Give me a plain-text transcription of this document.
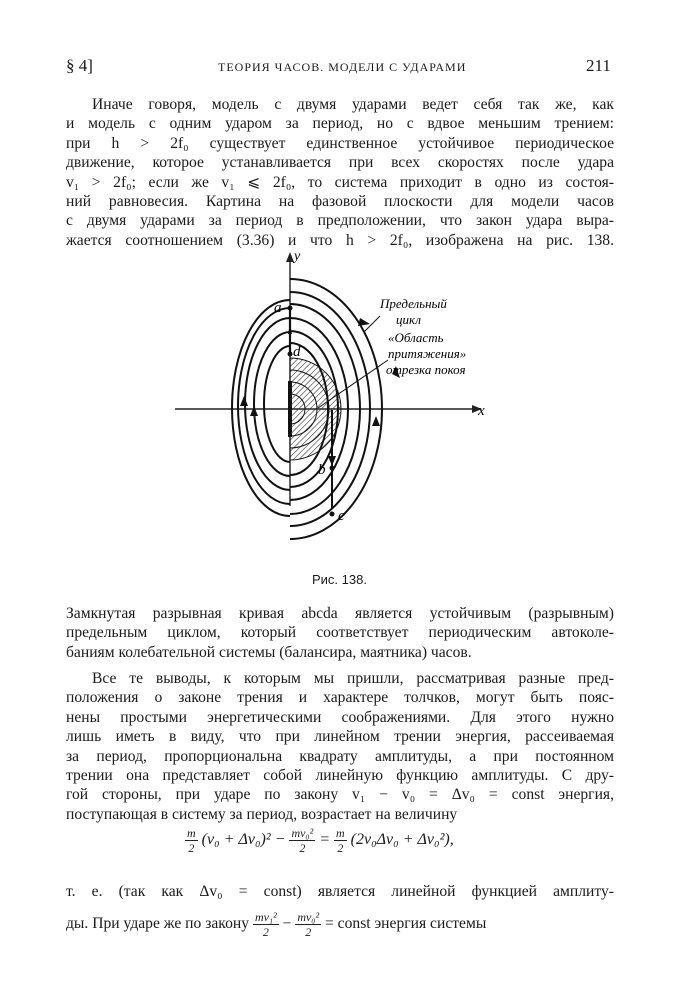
§ 4]	ТЕОРИЯ ЧАСОВ. МОДЕЛИ С УДАРАМИ	211
Иначе говоря, модель с двумя ударами ведет себя так же, как
и модель с одним ударом за период, но с вдвое меньшим трением:
при h > 2f₀ существует единственное устойчивое периодическое
движение, которое устанавливается при всех скоростях после удара
v₁ > 2f₀; если же v₁ ⩽ 2f₀, то система приходит в одно из состоя-
ний равновесия. Картина на фазовой плоскости для модели часов
с двумя ударами за период в предположении, что закон удара выра-
жается соотношением (3.36) и что h > 2f₀, изображена на рис. 138.
x
y
a
d
b
c
Предельный
цикл
«Область
притяжения»
отрезка покоя
Рис. 138.
Замкнутая разрывная кривая abcda является устойчивым (разрывным)
предельным циклом, который соответствует периодическим автоколе-
баниям колебательной системы (балансира, маятника) часов.
Все те выводы, к которым мы пришли, рассматривая разные пред-
положения о законе трения и характере толчков, могут быть пояс-
нены простыми энергетическими соображениями. Для этого нужно
лишь иметь в виду, что при линейном трении энергия, рассеиваемая
за период, пропорциональна квадрату амплитуды, а при постоянном
трении она представляет собой линейную функцию амплитуды. С дру-
гой стороны, при ударе по закону v₁ − v₀ = Δv₀ = const энергия,
поступающая в систему за период, возрастает на величину
$\frac{m}{2} (v_0 + \Delta v_0)^2 - \frac{\text{mv₀²}}{2} = \frac{m}{2} (2v_0\Delta v_0 + \Delta v_0^2)$,
т. е. (так как Δv₀ = const) является линейной функцией амплиту-
ды. При ударе же по закону $\frac{\text{mv₁²}}{2} - \frac{\text{mv₀²}}{2}$ = const энергия системы
